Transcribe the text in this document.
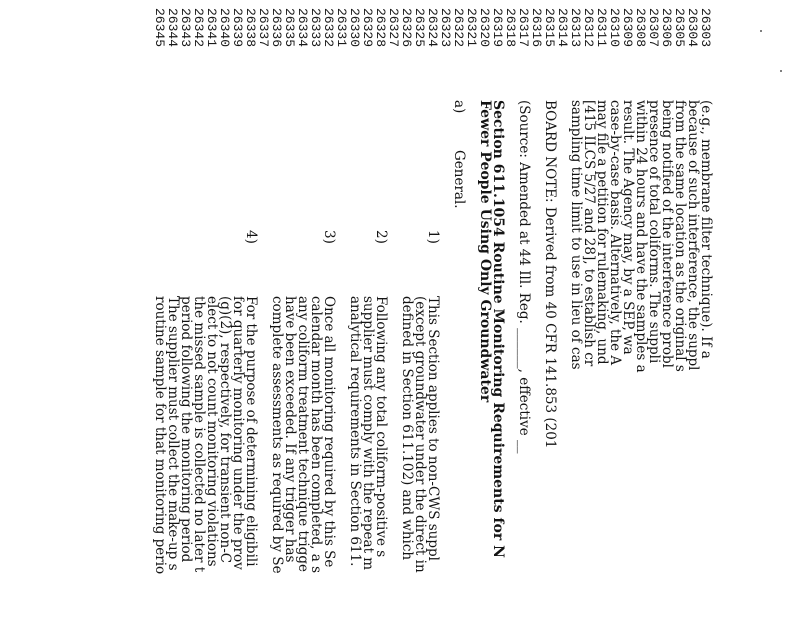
26303
26304
26305
26306
26307
26308
26309
26310
26311
26312
26313
26314
26315
26316
26317
26318
26319
26320
26321
26322
26323
26324
26325
26326
26327
26328
26329
26330
26331
26332
26333
26334
26335
26336
26337
26338
26339
26340
26341
26342
26343
26344
26345
(e.g., membrane filter technique). If a
because of such interference, the suppl
from the same location as the original s
being notified of the interference probl
presence of total coliforms. The suppli
within 24 hours and have the samples a
result. The Agency may, by a SEP, wa
case-by-case basis. Alternatively, the A
may file a petition for rulemaking, und
[415 ILCS 5/27 and 28], to establish cr
sampling time limit to use in lieu of cas
BOARD NOTE: Derived from 40 CFR 141.853 (201
(Source: Amended at 44 Ill. Reg. ______, effective __
Section 611.1054 Routine Monitoring Requirements for N
Fewer People Using Only Groundwater
a)
General.
1)
This Section applies to non-CWS suppl
(except groundwater under the direct in
defined in Section 611.102) and which
2)
Following any total coliform-positive s
supplier must comply with the repeat m
analytical requirements in Section 611.
3)
Once all monitoring required by this Se
calendar month has been completed, a s
any coliform treatment technique trigge
have been exceeded. If any trigger has
complete assessments as required by Se
4)
For the purpose of determining eligibili
for quarterly monitoring under the prov
(g)(2), respectively, for transient non-C
elect to not count monitoring violations
the missed sample is collected no later t
period following the monitoring period
The supplier must collect the make-up s
routine sample for that monitoring perio
